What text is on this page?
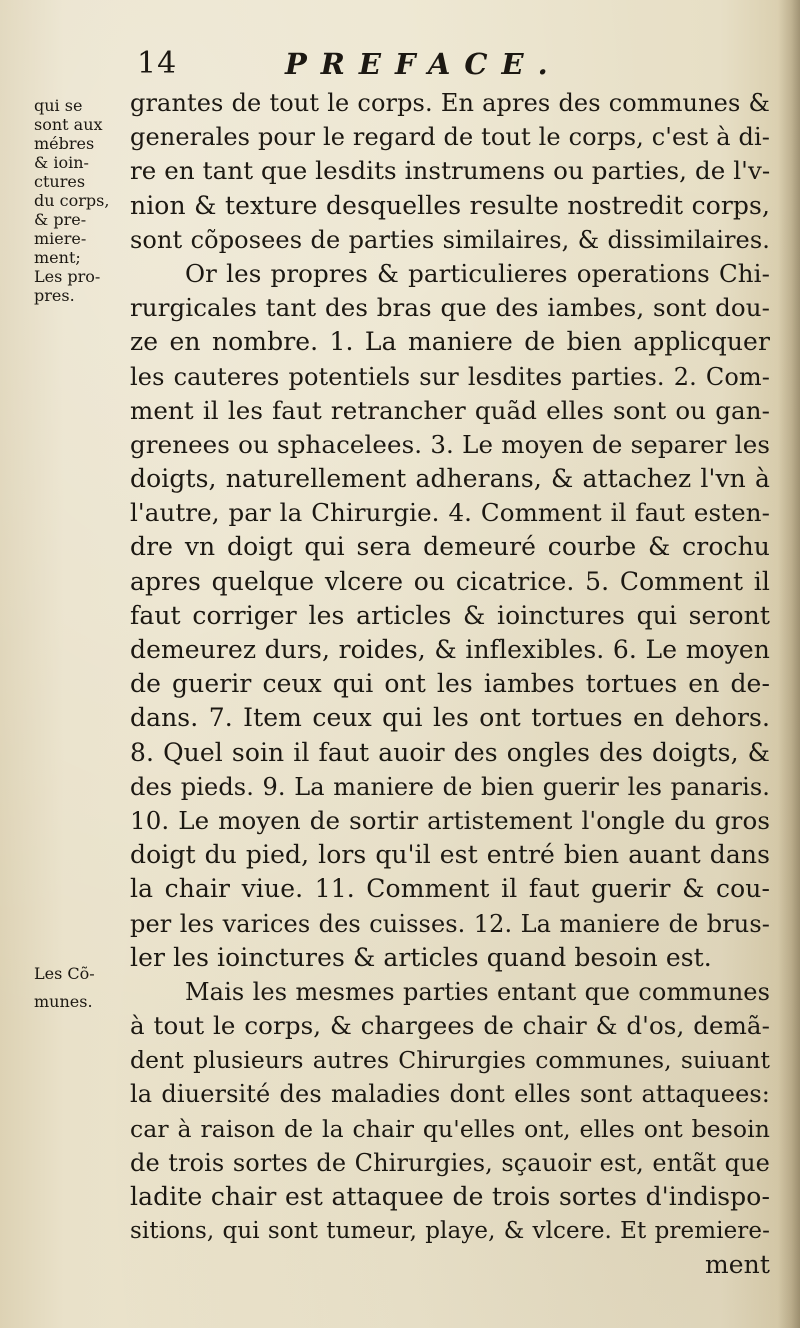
14	PREFACE.
qui se
sont aux
mébres
& ioin-
ctures
du corps,
& pre-
miere-
ment;
Les pro-
pres.
Les Cõ-
munes.
grantes de tout le corps. En apres des communes &
generales pour le regard de tout le corps, c'est à di-
re en tant que lesdits instrumens ou parties, de l'v-
nion & texture desquelles resulte nostredit corps,
sont cõposees de parties similaires, & dissimilaires.
Or les propres & particulieres operations Chi-
rurgicales tant des bras que des iambes, sont dou-
ze en nombre. 1. La maniere de bien applicquer
les cauteres potentiels sur lesdites parties. 2. Com-
ment il les faut retrancher quãd elles sont ou gan-
grenees ou sphacelees. 3. Le moyen de separer les
doigts, naturellement adherans, & attachez l'vn à
l'autre, par la Chirurgie. 4. Comment il faut esten-
dre vn doigt qui sera demeuré courbe & crochu
apres quelque vlcere ou cicatrice. 5. Comment il
faut corriger les articles & ioinctures qui seront
demeurez durs, roides, & inflexibles. 6. Le moyen
de guerir ceux qui ont les iambes tortues en de-
dans. 7. Item ceux qui les ont tortues en dehors.
8. Quel soin il faut auoir des ongles des doigts, &
des pieds. 9. La maniere de bien guerir les panaris.
10. Le moyen de sortir artistement l'ongle du gros
doigt du pied, lors qu'il est entré bien auant dans
la chair viue. 11. Comment il faut guerir & cou-
per les varices des cuisses. 12. La maniere de brus-
ler les ioinctures & articles quand besoin est.
Mais les mesmes parties entant que communes
à tout le corps, & chargees de chair & d'os, demã-
dent plusieurs autres Chirurgies communes, suiuant
la diuersité des maladies dont elles sont attaquees:
car à raison de la chair qu'elles ont, elles ont besoin
de trois sortes de Chirurgies, sçauoir est, entãt que
ladite chair est attaquee de trois sortes d'indispo-
sitions, qui sont tumeur, playe, & vlcere. Et premiere-
ment
